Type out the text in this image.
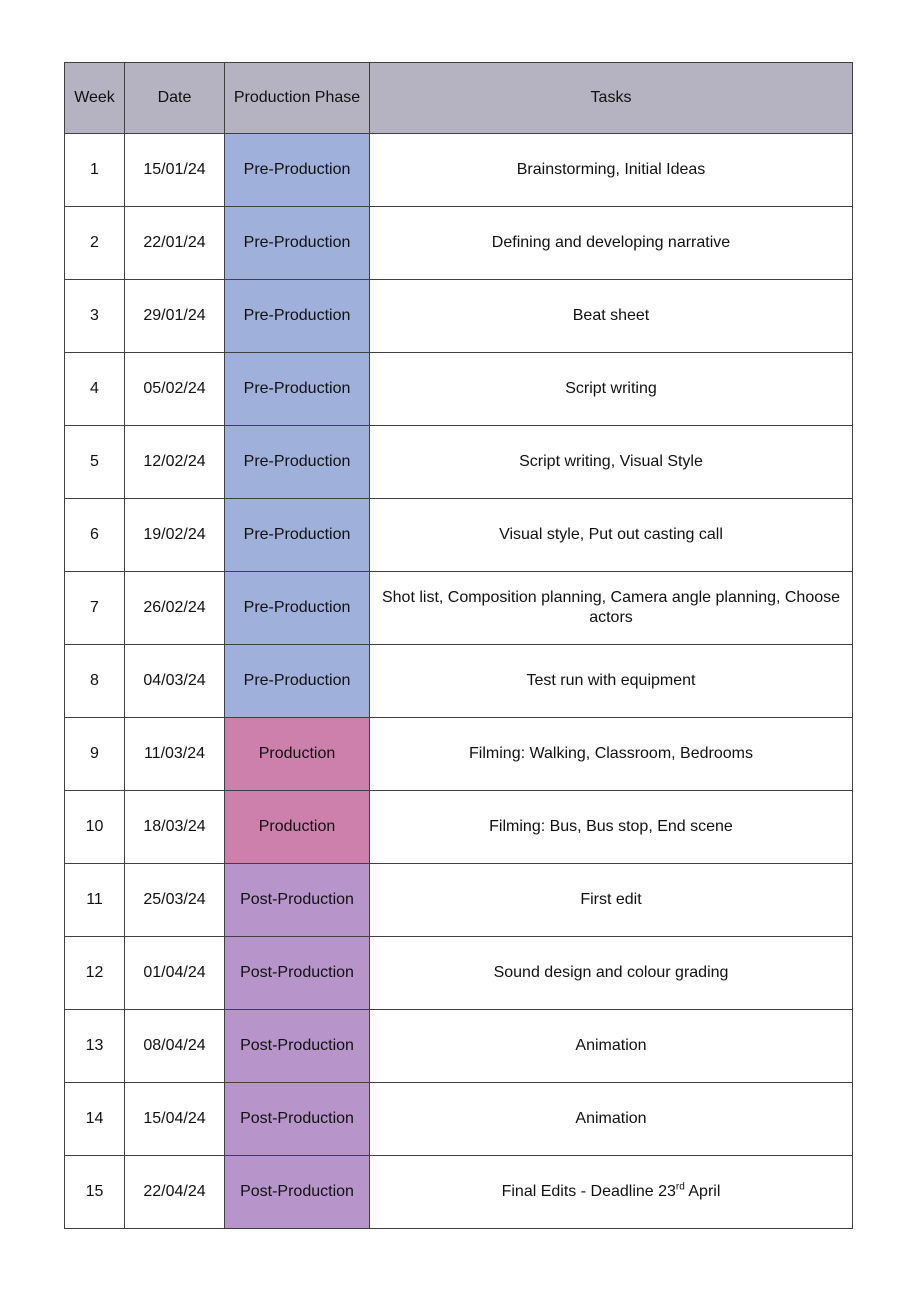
Week	Date	Production Phase	Tasks
1	15/01/24	Pre-Production	Brainstorming, Initial Ideas
2	22/01/24	Pre-Production	Defining and developing narrative
3	29/01/24	Pre-Production	Beat sheet
4	05/02/24	Pre-Production	Script writing
5	12/02/24	Pre-Production	Script writing, Visual Style
6	19/02/24	Pre-Production	Visual style, Put out casting call
7	26/02/24	Pre-Production	Shot list, Composition planning, Camera angle planning, Choose actors
8	04/03/24	Pre-Production	Test run with equipment
9	11/03/24	Production	Filming: Walking, Classroom, Bedrooms
10	18/03/24	Production	Filming: Bus, Bus stop, End scene
11	25/03/24	Post-Production	First edit
12	01/04/24	Post-Production	Sound design and colour grading
13	08/04/24	Post-Production	Animation
14	15/04/24	Post-Production	Animation
15	22/04/24	Post-Production	Final Edits - Deadline 23rd April
